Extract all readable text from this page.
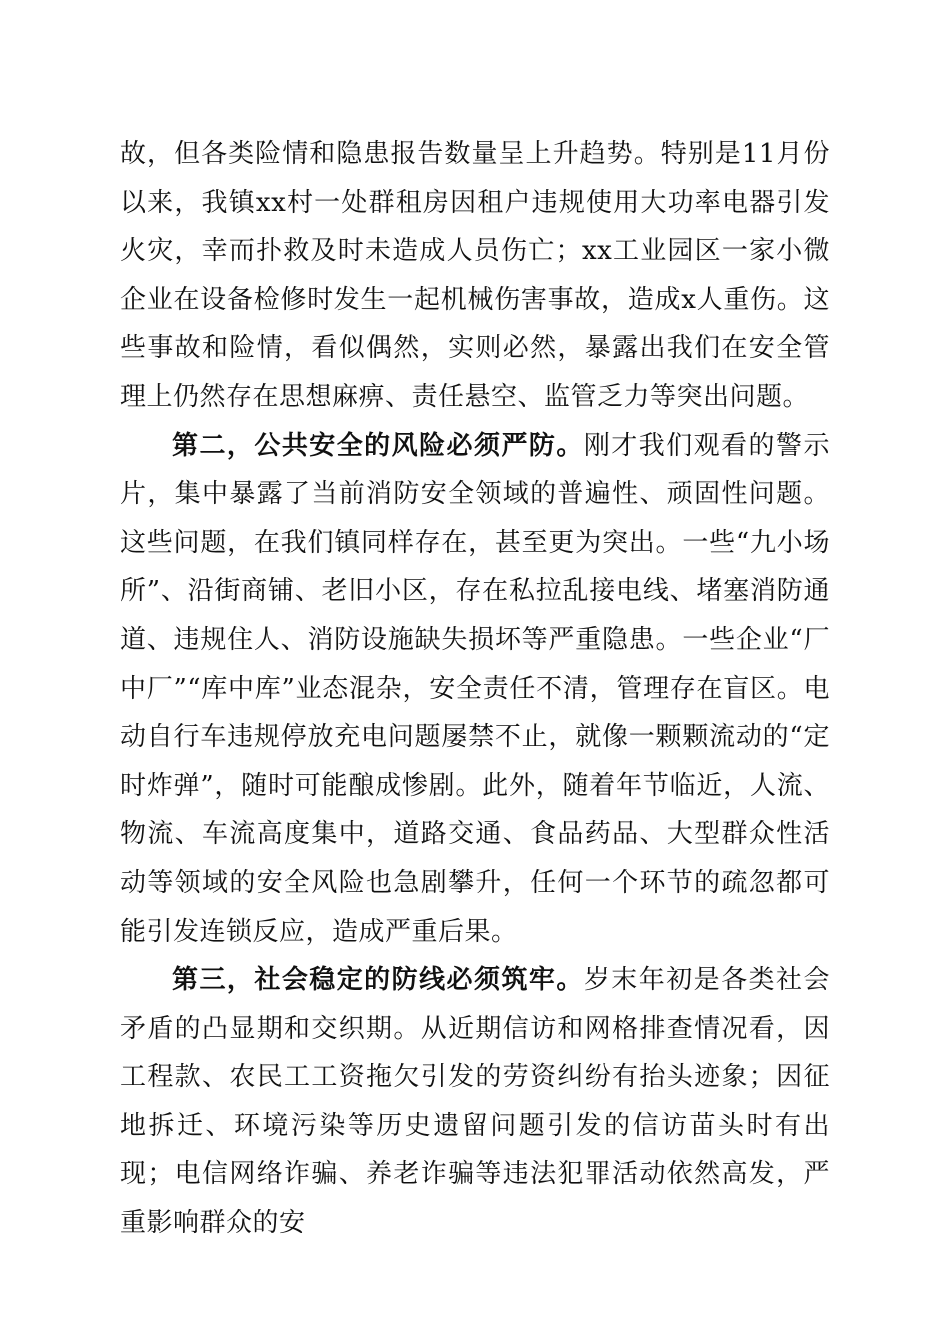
故，但各类险情和隐患报告数量呈上升趋势。特别是11月份以来，我镇xx村一处群租房因租户违规使用大功率电器引发火灾，幸而扑救及时未造成人员伤亡；xx工业园区一家小微企业在设备检修时发生一起机械伤害事故，造成x人重伤。这些事故和险情，看似偶然，实则必然，暴露出我们在安全管理上仍然存在思想麻痹、责任悬空、监管乏力等突出问题。

第二，公共安全的风险必须严防。刚才我们观看的警示片，集中暴露了当前消防安全领域的普遍性、顽固性问题。这些问题，在我们镇同样存在，甚至更为突出。一些“九小场所”、沿街商铺、老旧小区，存在私拉乱接电线、堵塞消防通道、违规住人、消防设施缺失损坏等严重隐患。一些企业“厂中厂”“库中库”业态混杂，安全责任不清，管理存在盲区。电动自行车违规停放充电问题屡禁不止，就像一颗颗流动的“定时炸弹”，随时可能酿成惨剧。此外，随着年节临近，人流、物流、车流高度集中，道路交通、食品药品、大型群众性活动等领域的安全风险也急剧攀升，任何一个环节的疏忽都可能引发连锁反应，造成严重后果。

第三，社会稳定的防线必须筑牢。岁末年初是各类社会矛盾的凸显期和交织期。从近期信访和网格排查情况看，因工程款、农民工工资拖欠引发的劳资纠纷有抬头迹象；因征地拆迁、环境污染等历史遗留问题引发的信访苗头时有出现；电信网络诈骗、养老诈骗等违法犯罪活动依然高发，严重影响群众的安
